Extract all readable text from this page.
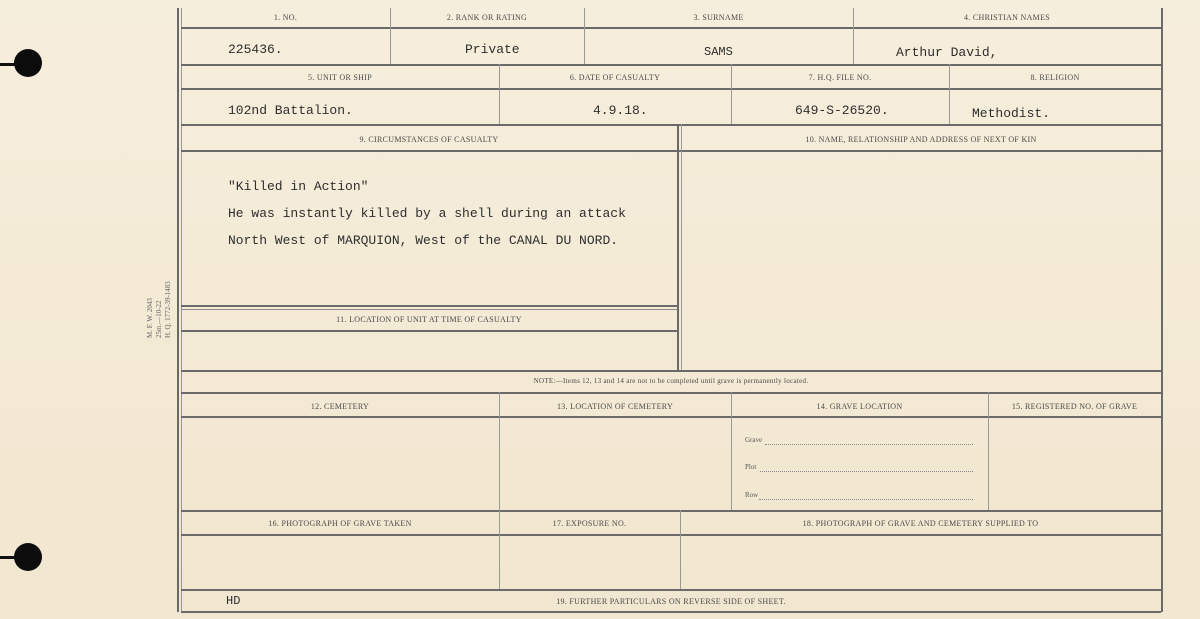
M. F. W. 2043 25m.—10-22 H. Q. 1772-39-1483
1. NO.	2. RANK OR RATING	3. SURNAME	4. CHRISTIAN NAMES
225436.	Private	SAMS	Arthur David,
5. UNIT OR SHIP	6. DATE OF CASUALTY	7. H.Q. FILE NO.	8. RELIGION
102nd Battalion.	4.9.18.	649-S-26520.	Methodist.
9. CIRCUMSTANCES OF CASUALTY	10. NAME, RELATIONSHIP AND ADDRESS OF NEXT OF KIN
"Killed in Action"
He was instantly killed by a shell during an attack
North West of MARQUION, West of the CANAL DU NORD.
11. LOCATION OF UNIT AT TIME OF CASUALTY
NOTE:—Items 12, 13 and 14 are not to be completed until grave is permanently located.
12. CEMETERY	13. LOCATION OF CEMETERY	14. GRAVE LOCATION	15. REGISTERED NO. OF GRAVE
Grave
Plot
Row
16. PHOTOGRAPH OF GRAVE TAKEN	17. EXPOSURE NO.	18. PHOTOGRAPH OF GRAVE AND CEMETERY SUPPLIED TO
HD	19. FURTHER PARTICULARS ON REVERSE SIDE OF SHEET.
